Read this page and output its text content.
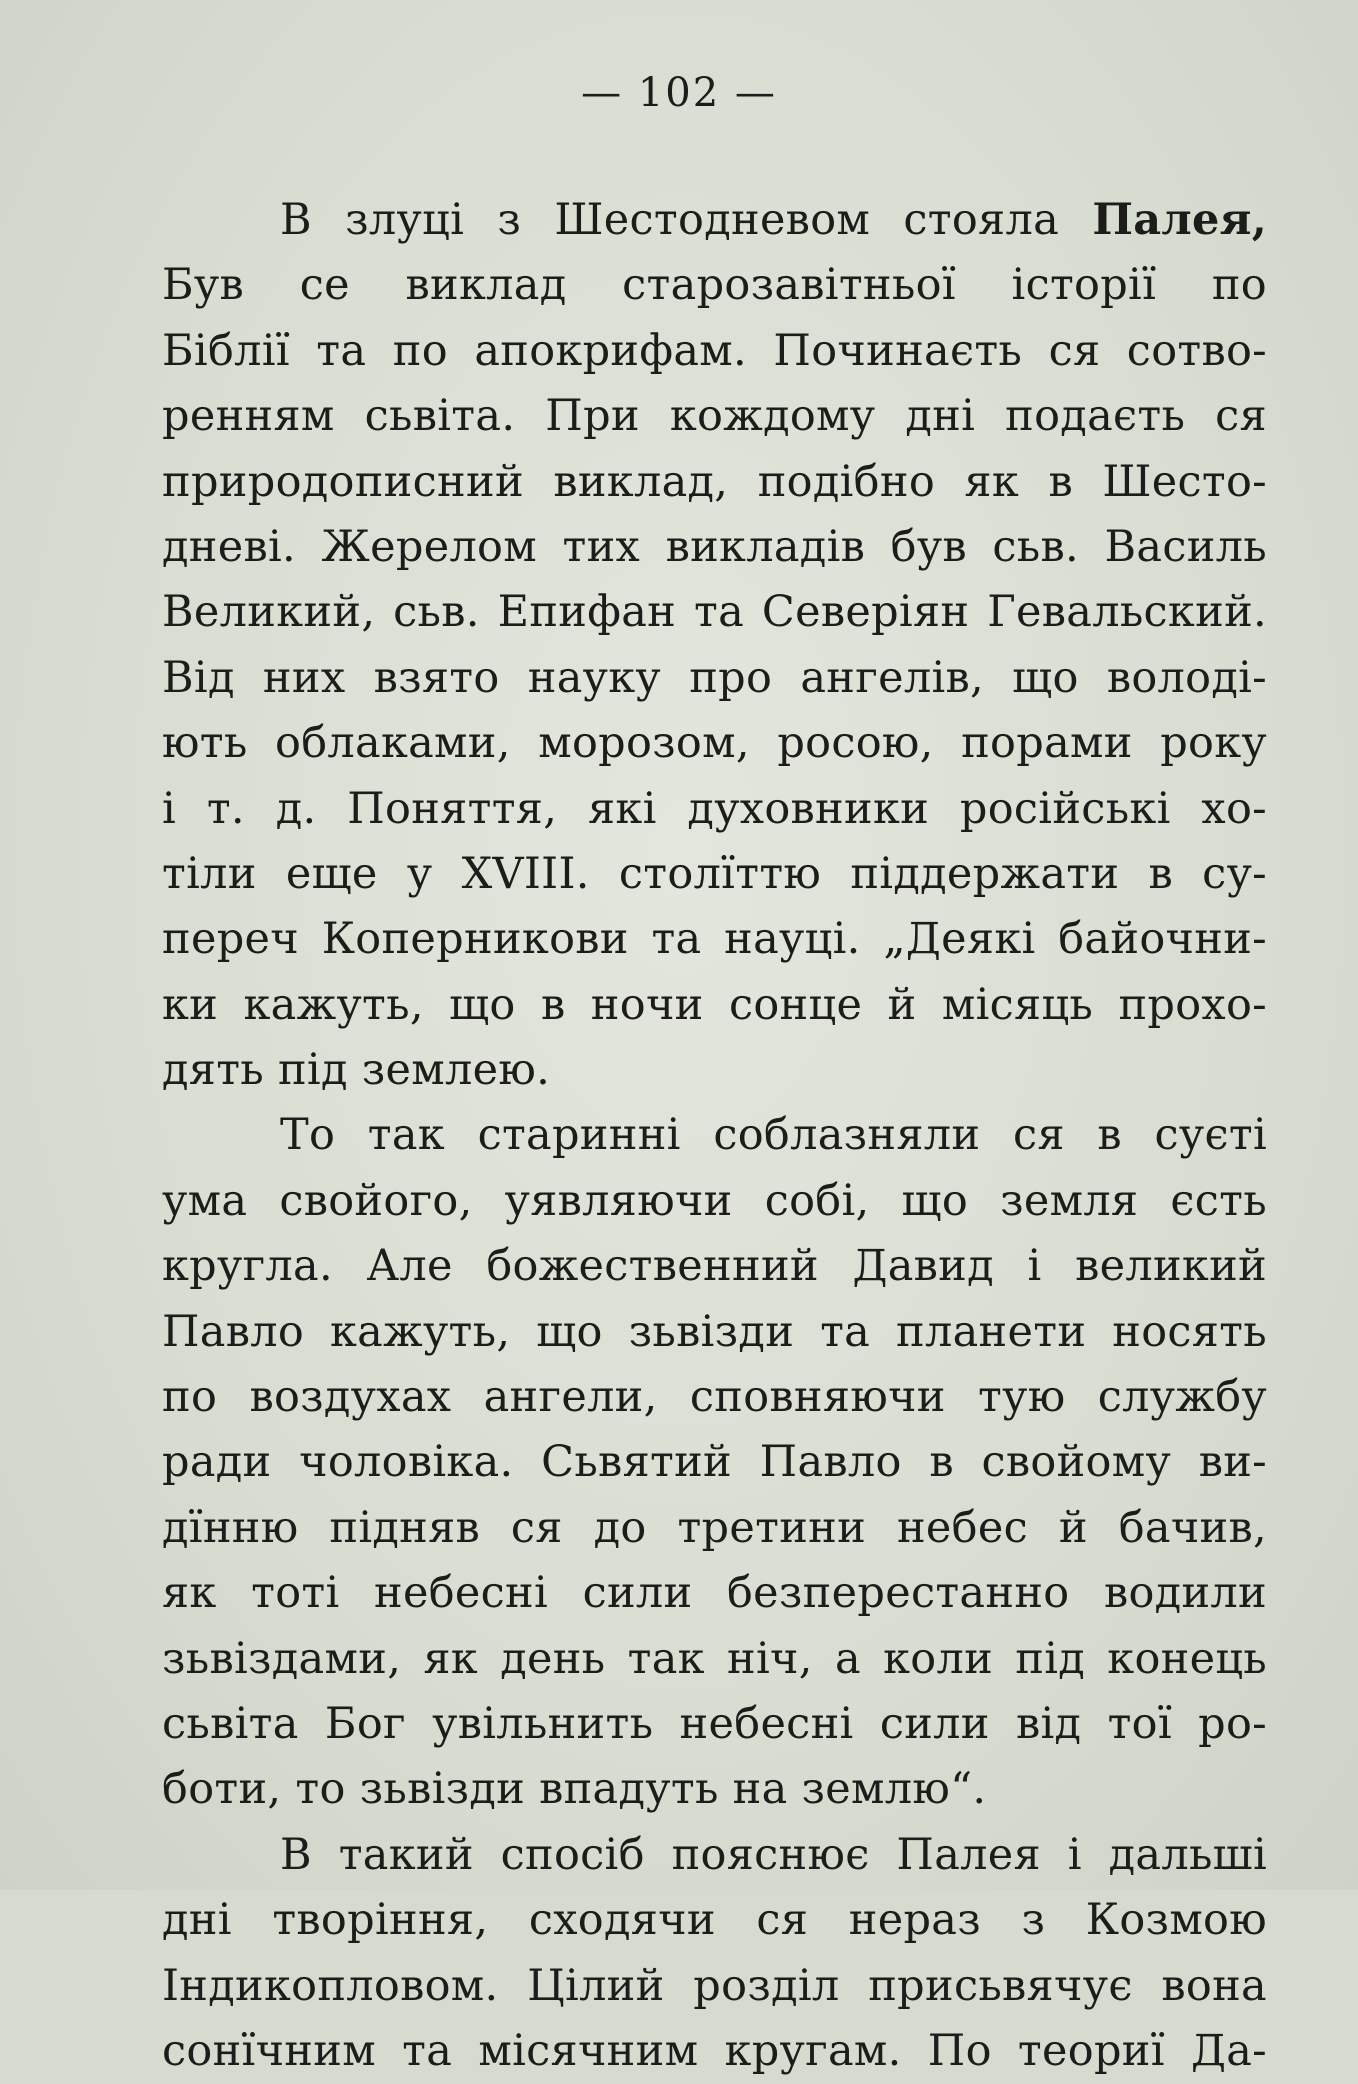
— 102 —
В злуці з Шестодневом стояла Палея,
Був се виклад старозавітньої історії по
Біблії та по апокрифам. Починаєть ся сотво-
ренням сьвіта. При кождому дні подаєть ся
природописний виклад, подібно як в Шесто-
дневі. Жерелом тих викладів був сьв. Василь
Великий, сьв. Епифан та Северіян Гевальский.
Від них взято науку про ангелів, що володі-
ють облаками, морозом, росою, порами року
і т. д. Поняття, які духовники російські хо-
тіли еще у XVIII. столїттю піддержати в су-
переч Коперникови та науці. „Деякі байочни-
ки кажуть, що в ночи сонце й місяць прохо-
дять під землею.
То так старинні соблазняли ся в суєті
ума свойого, уявляючи собі, що земля єсть
кругла. Але божественний Давид і великий
Павло кажуть, що зьвізди та планети носять
по воздухах ангели, сповняючи тую службу
ради чоловіка. Сьвятий Павло в свойому ви-
дїнню підняв ся до третини небес й бачив,
як тоті небесні сили безперестанно водили
зьвіздами, як день так ніч, а коли під конець
сьвіта Бог увільнить небесні сили від тої ро-
боти, то зьвізди впадуть на землю“.
В такий спосіб пояснює Палея і дальші
дні творіння, сходячи ся нераз з Козмою
Індикопловом. Цілий розділ присьвячує вона
сонїчним та місячним кругам. По теориї Да-
